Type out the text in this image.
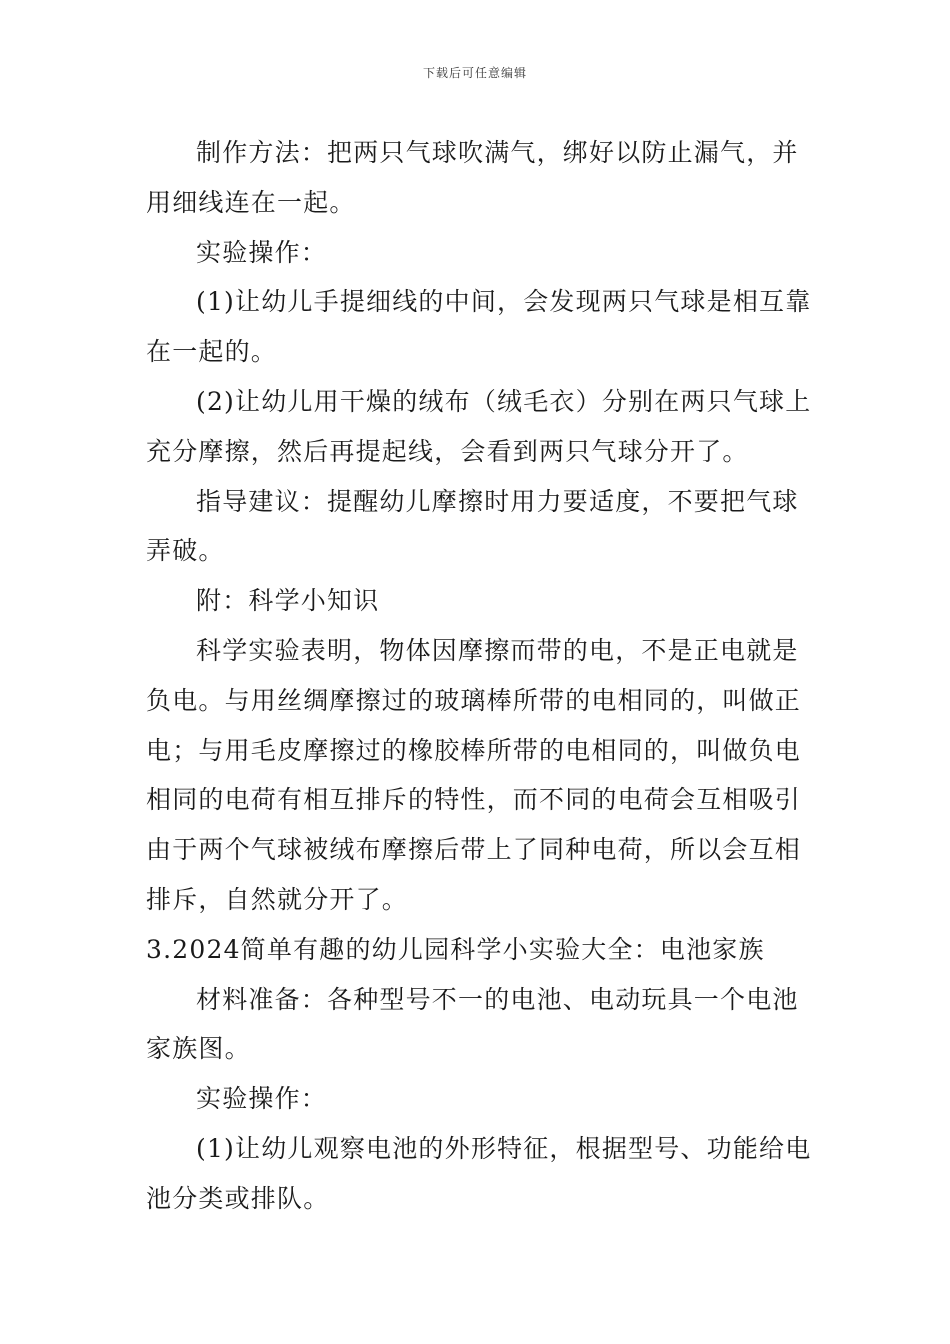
下载后可任意编辑
制作方法：把两只气球吹满气，绑好以防止漏气，并
用细线连在一起。
实验操作：
(1)让幼儿手提细线的中间，会发现两只气球是相互靠
在一起的。
(2)让幼儿用干燥的绒布（绒毛衣）分别在两只气球上
充分摩擦，然后再提起线，会看到两只气球分开了。
指导建议：提醒幼儿摩擦时用力要适度，不要把气球
弄破。
附：科学小知识
科学实验表明，物体因摩擦而带的电，不是正电就是
负电。与用丝绸摩擦过的玻璃棒所带的电相同的，叫做正
电；与用毛皮摩擦过的橡胶棒所带的电相同的，叫做负电
相同的电荷有相互排斥的特性，而不同的电荷会互相吸引
由于两个气球被绒布摩擦后带上了同种电荷，所以会互相
排斥，自然就分开了。
3.2024简单有趣的幼儿园科学小实验大全：电池家族
材料准备：各种型号不一的电池、电动玩具一个电池
家族图。
实验操作：
(1)让幼儿观察电池的外形特征，根据型号、功能给电
池分类或排队。
